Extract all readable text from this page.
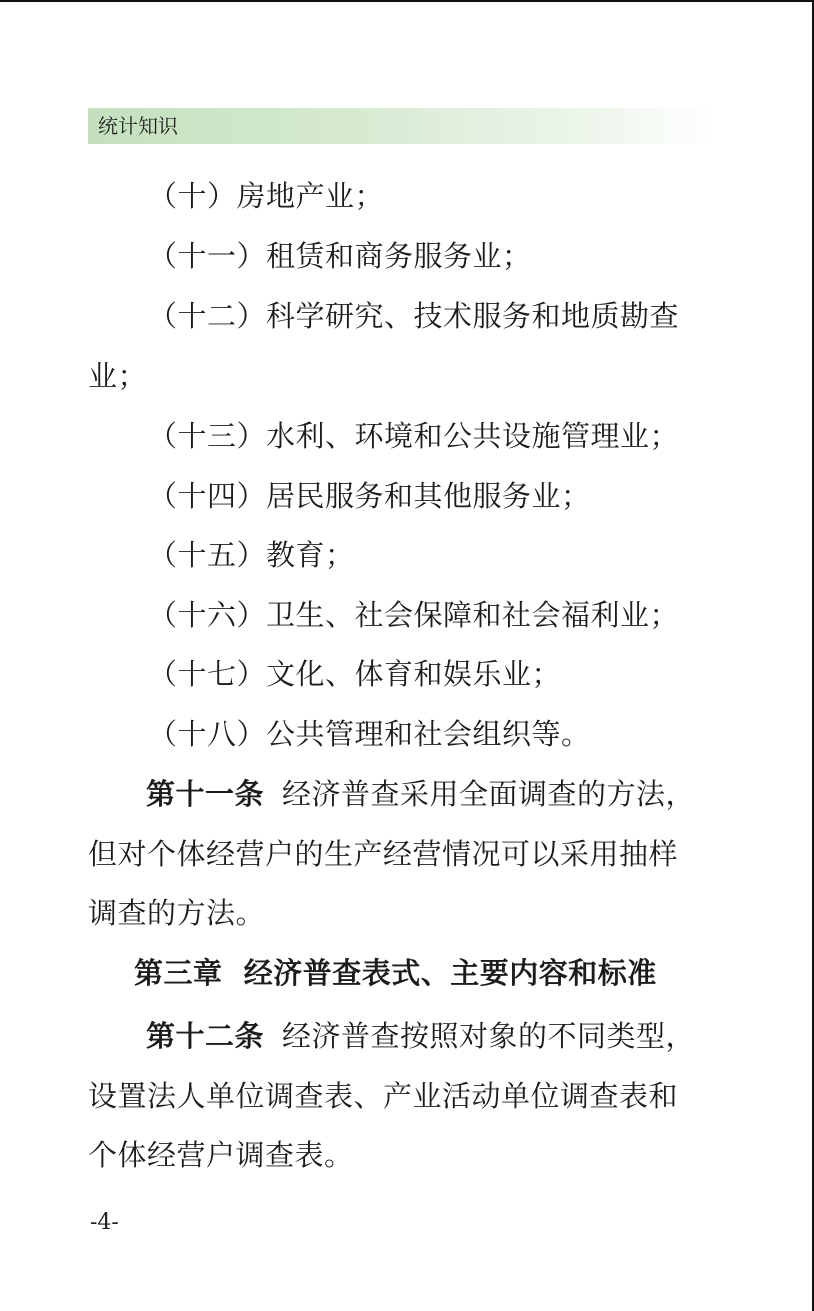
统计知识
（十）房地产业；
（十一）租赁和商务服务业；
（十二）科学研究、技术服务和地质勘查
业；
（十三）水利、环境和公共设施管理业；
（十四）居民服务和其他服务业；
（十五）教育；
（十六）卫生、社会保障和社会福利业；
（十七）文化、体育和娱乐业；
（十八）公共管理和社会组织等。
第十一条 经济普查采用全面调查的方法，
但对个体经营户的生产经营情况可以采用抽样
调查的方法。
第三章  经济普查表式、主要内容和标准
第十二条 经济普查按照对象的不同类型，
设置法人单位调查表、产业活动单位调查表和
个体经营户调查表。
-4-
